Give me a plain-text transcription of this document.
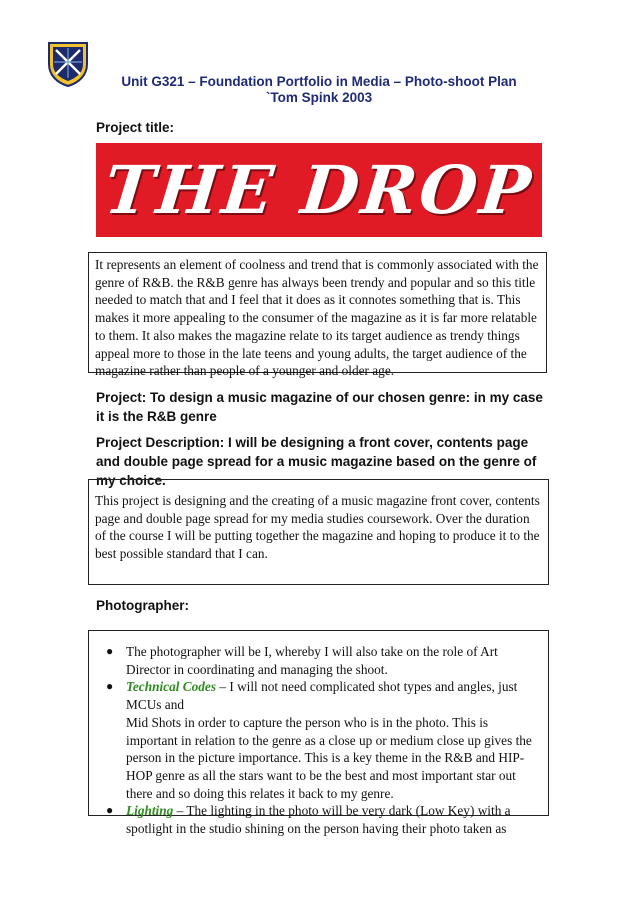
Unit G321 – Foundation Portfolio in Media – Photo-shoot Plan
`Tom Spink 2003
Project title:
THE DROP
It represents an element of coolness and trend that is commonly associated with the genre of R&B. the R&B genre has always been trendy and popular and so this title needed to match that and I feel that it does as it connotes something that is. This makes it more appealing to the consumer of the magazine as it is far more relatable to them. It also makes the magazine relate to its target audience as trendy things appeal more to those in the late teens and young adults, the target audience of the magazine rather than people of a younger and older age.
Project: To design a music magazine of our chosen genre: in my case it is the R&B genre
Project Description: I will be designing a front cover, contents page and double page spread for a music magazine based on the genre of my choice.
This project is designing and the creating of a music magazine front cover, contents page and double page spread for my media studies coursework. Over the duration of the course I will be putting together the magazine and hoping to produce it to the best possible standard that I can.
Photographer:
● The photographer will be I, whereby I will also take on the role of Art Director in coordinating and managing the shoot.
● Technical Codes – I will not need complicated shot types and angles, just MCUs and
Mid Shots in order to capture the person who is in the photo. This is important in relation to the genre as a close up or medium close up gives the person in the picture importance. This is a key theme in the R&B and HIP-HOP genre as all the stars want to be the best and most important star out there and so doing this relates it back to my genre.
● Lighting – The lighting in the photo will be very dark (Low Key) with a spotlight in the studio shining on the person having their photo taken as
